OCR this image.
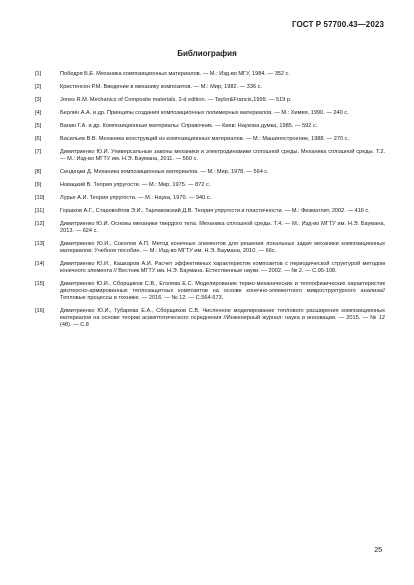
ГОСТ Р 57700.43—2023
Библиография
[1]	Победря Б.Е. Механика композиционных материалов. — М.: Изд-во МГУ, 1984. — 352 с.
[2]	Кристенсен Р.М. Введение в механику композитов. — М.: Мир, 1982. — 336 с.
[3]	Jones R.M. Mechanics of Composite materials. 2-d edition. — Taylor&Francis,1999. — 519 p.
[4]	Берлин А.А. и др. Принципы создания композиционных полимерных материалов. — М.: Химия, 1990. — 240 с.
[5]	Ванин Г.А. и др. Композиционные материалы: Справочник. — Киев: Наукова думка, 1985. — 592 с.
[6]	Васильев В.В. Механика конструкций из композиционных материалов. — М.: Машиностроение, 1988. — 270 с.
[7]	Димитриенко Ю.И. Универсальные законы механики и электродинамики сплошной среды. Механика сплошной среды. Т.2. — М.: Изд-во МГТУ им. Н.Э. Баумана, 2011. — 560 с.
[8]	Сендецки Д. Механика композиционных материалов. — М.: Мир, 1978. — 564 с.
[9]	Новацкий В. Теория упругости. — М.: Мир, 1975. — 872 с.
[10]	Лурье А.И. Теория упругости. — М.: Наука, 1970. — 940 с.
[11]	Горшков А.Г., Старовойтов Э.И., Тарлаковский Д.В. Теория упругости и пластичности. — М.: Физматлит, 2002. — 416 с.
[12]	Димитриенко Ю.И. Основы механики твердого тела. Механика сплошной среды. Т.4. — М.: Изд-во МГТУ им. Н.Э. Баумана, 2013. — 624 с.
[13]	Димитриенко Ю.И., Соколов А.П. Метод конечных элементов для решения локальных задач механики композиционных материалов: Учебное пособие. — М.: Изд-во МГТУ им. Н.Э. Баумана, 2010. — 66с.
[14]	Димитриенко Ю.И., Кашкаров А.И. Расчет эффективных характеристик композитов с периодической структурой методом конечного элемента // Вестник МГТУ им. Н.Э. Баумана. Естественные науки. — 2002. — № 2. — С.95-108.
[15]	Димитриенко Ю.И., Сборщиков С.В., Еголева Е.С. Моделирование термо-механических и теплофизических характеристик дисперсно-армированных теплозащитных композитов на основе конечно-элементного микроструктурного анализа//Тепловые процессы в технике. — 2016. — № 12. — С.564-573.
[16]	Димитриенко Ю.И., Губарева Е.А., Сборщиков С.В. Численное моделирование теплового расширения композиционных материалов на основе теории асимптотического осреднения //Инженерный журнал: наука и инновации. — 2015. — № 12 (48). — С.8
25
